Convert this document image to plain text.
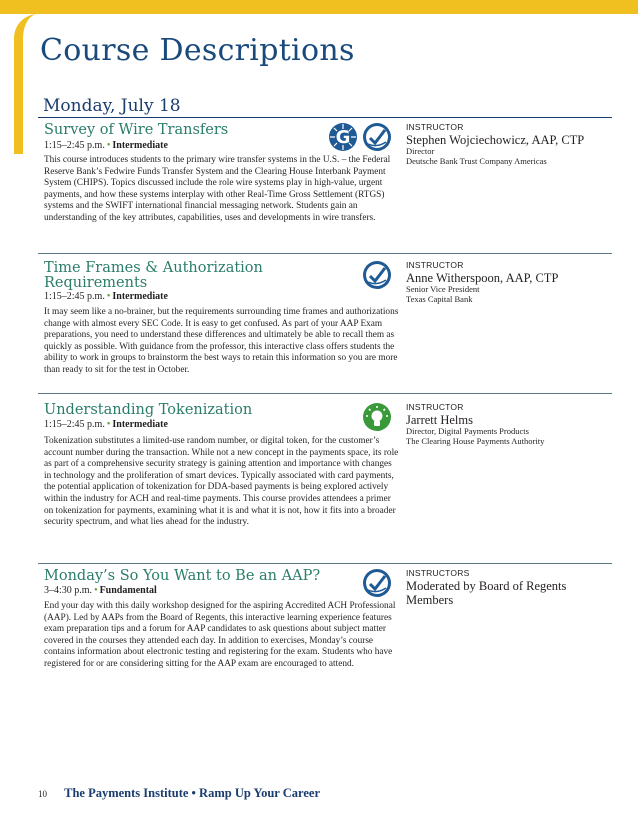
Course Descriptions
Monday, July 18
Survey of Wire Transfers
1:15–2:45 p.m. • Intermediate

This course introduces students to the primary wire transfer systems in the U.S. – the Federal Reserve Bank’s Fedwire Funds Transfer System and the Clearing House Interbank Payment System (CHIPS). Topics discussed include the role wire systems play in high-value, urgent payments, and how these systems interplay with other Real-Time Gross Settlement (RTGS) systems and the SWIFT international financial messaging network. Students gain an understanding of the key attributes, capabilities, uses and developments in wire transfers.

G	INSTRUCTOR
Stephen Wojciechowicz, AAP, CTP
Director
Deutsche Bank Trust Company Americas
Time Frames & Authorization
Requirements
1:15–2:45 p.m. • Intermediate

It may seem like a no-brainer, but the requirements surrounding time frames and authorizations change with almost every SEC Code. It is easy to get confused. As part of your AAP Exam preparations, you need to understand these differences and ultimately be able to recall them as quickly as possible. With guidance from the professor, this interactive class offers students the ability to work in groups to brainstorm the best ways to retain this information so you are more than ready to sit for the test in October.

INSTRUCTOR
Anne Witherspoon, AAP, CTP
Senior Vice President
Texas Capital Bank
Understanding Tokenization
1:15–2:45 p.m. • Intermediate

Tokenization substitutes a limited-use random number, or digital token, for the customer’s account number during the transaction. While not a new concept in the payments space, its role as part of a comprehensive security strategy is gaining attention and importance with changes in technology and the proliferation of smart devices. Typically associated with card payments, the potential application of tokenization for DDA-based payments is being explored actively within the industry for ACH and real-time payments. This course provides attendees a primer on tokenization for payments, examining what it is and what it is not, how it fits into a broader security spectrum, and what lies ahead for the industry.

INSTRUCTOR
Jarrett Helms
Director, Digital Payments Products
The Clearing House Payments Authority
Monday’s So You Want to Be an AAP?
3–4:30 p.m. • Fundamental

End your day with this daily workshop designed for the aspiring Accredited ACH Professional (AAP). Led by AAPs from the Board of Regents, this interactive learning experience features exam preparation tips and a forum for AAP candidates to ask questions about subject matter covered in the courses they attended each day. In addition to exercises, Monday’s course contains information about electronic testing and registering for the exam. Students who have registered for or are considering sitting for the AAP exam are encouraged to attend.

INSTRUCTORS
Moderated by Board of Regents Members
10 The Payments Institute • Ramp Up Your Career
